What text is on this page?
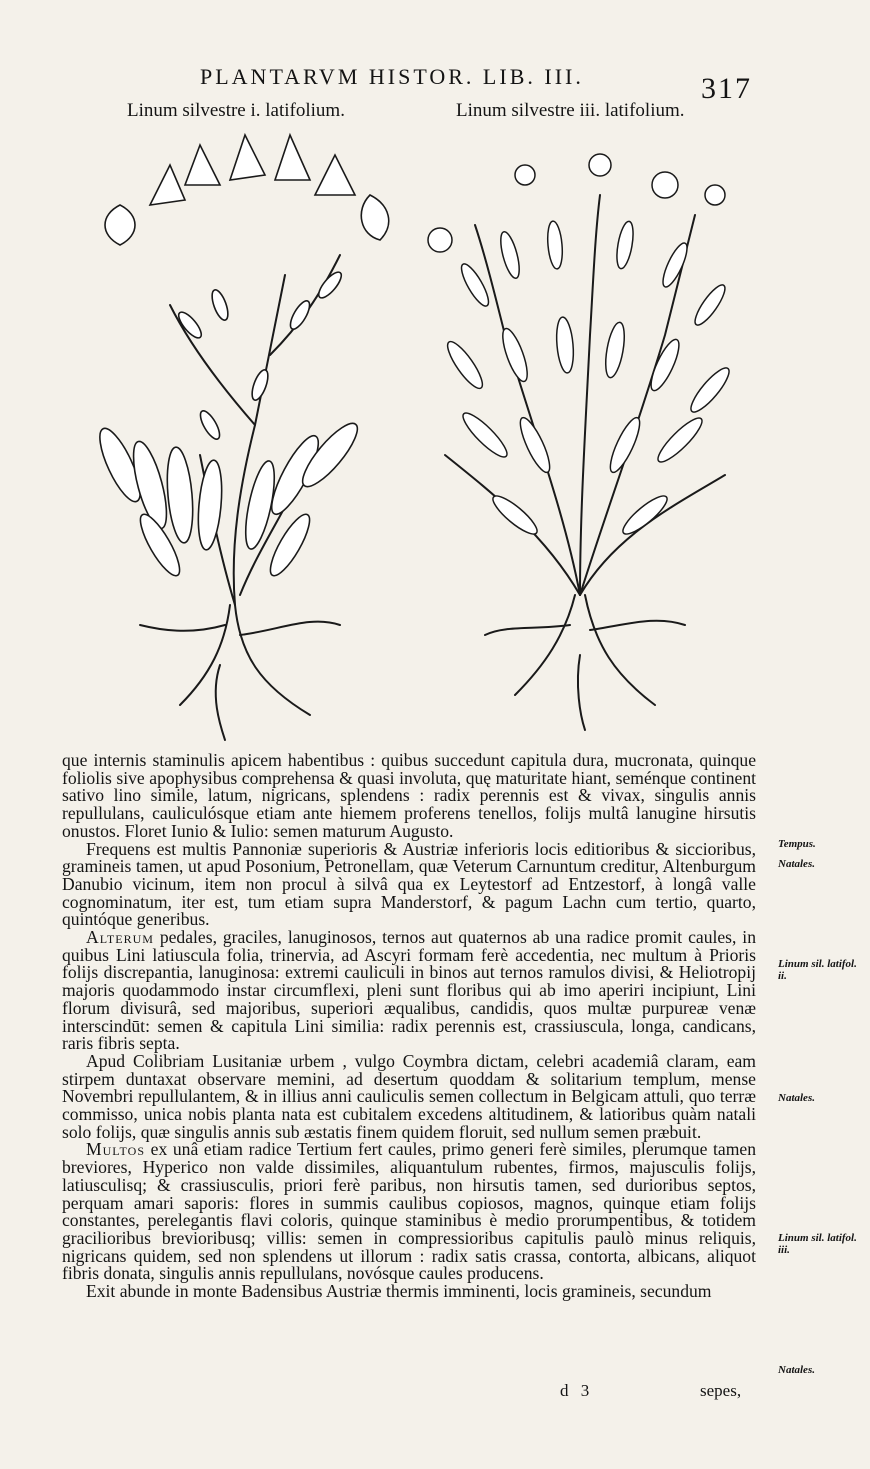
PLANTARVM HISTOR. LIB. III.	317
Linum silvestre i. latifolium.	Linum silvestre iii. latifolium.

que internis staminulis apicem habentibus : quibus succedunt capitula dura, mucronata, quinque foliolis sive apophysibus comprehensa & quasi involuta, quę maturitate hiant, seménque continent sativo lino simile, latum, nigricans, splendens : radix perennis est & vivax, singulis annis repullulans, cauliculósque etiam ante hiemem proferens tenellos, folijs multâ lanugine hirsutis onustos. Floret Iunio & Iulio: semen maturum Augusto.

Frequens est multis Pannoniæ superioris & Austriæ inferioris locis editioribus & siccioribus, gramineis tamen, ut apud Posonium, Petronellam, quæ Veterum Carnuntum creditur, Altenburgum Danubio vicinum, item non procul à silvâ qua ex Leytestorf ad Entzestorf, à longâ valle cognominatum, iter est, tum etiam supra Manderstorf, & pagum Lachn cum tertio, quarto, quintóque generibus.

Alterum pedales, graciles, lanuginosos, ternos aut quaternos ab una radice promit caules, in quibus Lini latiuscula folia, trinervia, ad Ascyri formam ferè accedentia, nec multum à Prioris folijs discrepantia, lanuginosa: extremi cauliculi in binos aut ternos ramulos divisi, & Heliotropij majoris quodammodo instar circumflexi, pleni sunt floribus qui ab imo aperiri incipiunt, Lini florum divisurâ, sed majoribus, superiori æqualibus, candidis, quos multæ purpureæ venæ interscindūt: semen & capitula Lini similia: radix perennis est, crassiuscula, longa, candicans, raris fibris septa.

Apud Colibriam Lusitaniæ urbem , vulgo Coymbra dictam, celebri academiâ claram, eam stirpem duntaxat observare memini, ad desertum quoddam & solitarium templum, mense Novembri repullulantem, & in illius anni cauliculis semen collectum in Belgicam attuli, quo terræ commisso, unica nobis planta nata est cubitalem excedens altitudinem, & latioribus quàm natali solo folijs, quæ singulis annis sub æstatis finem quidem floruit, sed nullum semen præbuit.

Multos ex unâ etiam radice Tertium fert caules, primo generi ferè similes, plerumque tamen breviores, Hyperico non valde dissimiles, aliquantulum rubentes, firmos, majusculis folijs, latiusculisq; & crassiusculis, priori ferè paribus, non hirsutis tamen, sed durioribus septos, perquam amari saporis: flores in summis caulibus copiosos, magnos, quinque etiam folijs constantes, perelegantis flavi coloris, quinque staminibus è medio prorumpentibus, & totidem gracilioribus brevioribusq; villis: semen in compressioribus capitulis paulò minus reliquis, nigricans quidem, sed non splendens ut illorum : radix satis crassa, contorta, albicans, aliquot fibris donata, singulis annis repullulans, novósque caules producens.

Exit abunde in monte Badensibus Austriæ thermis imminenti, locis gramineis, secundum

Tempus.
Natales.
Linum sil. latifol. ii.
Natales.
Linum sil. latifol. iii.
Natales.
d 3	sepes,
